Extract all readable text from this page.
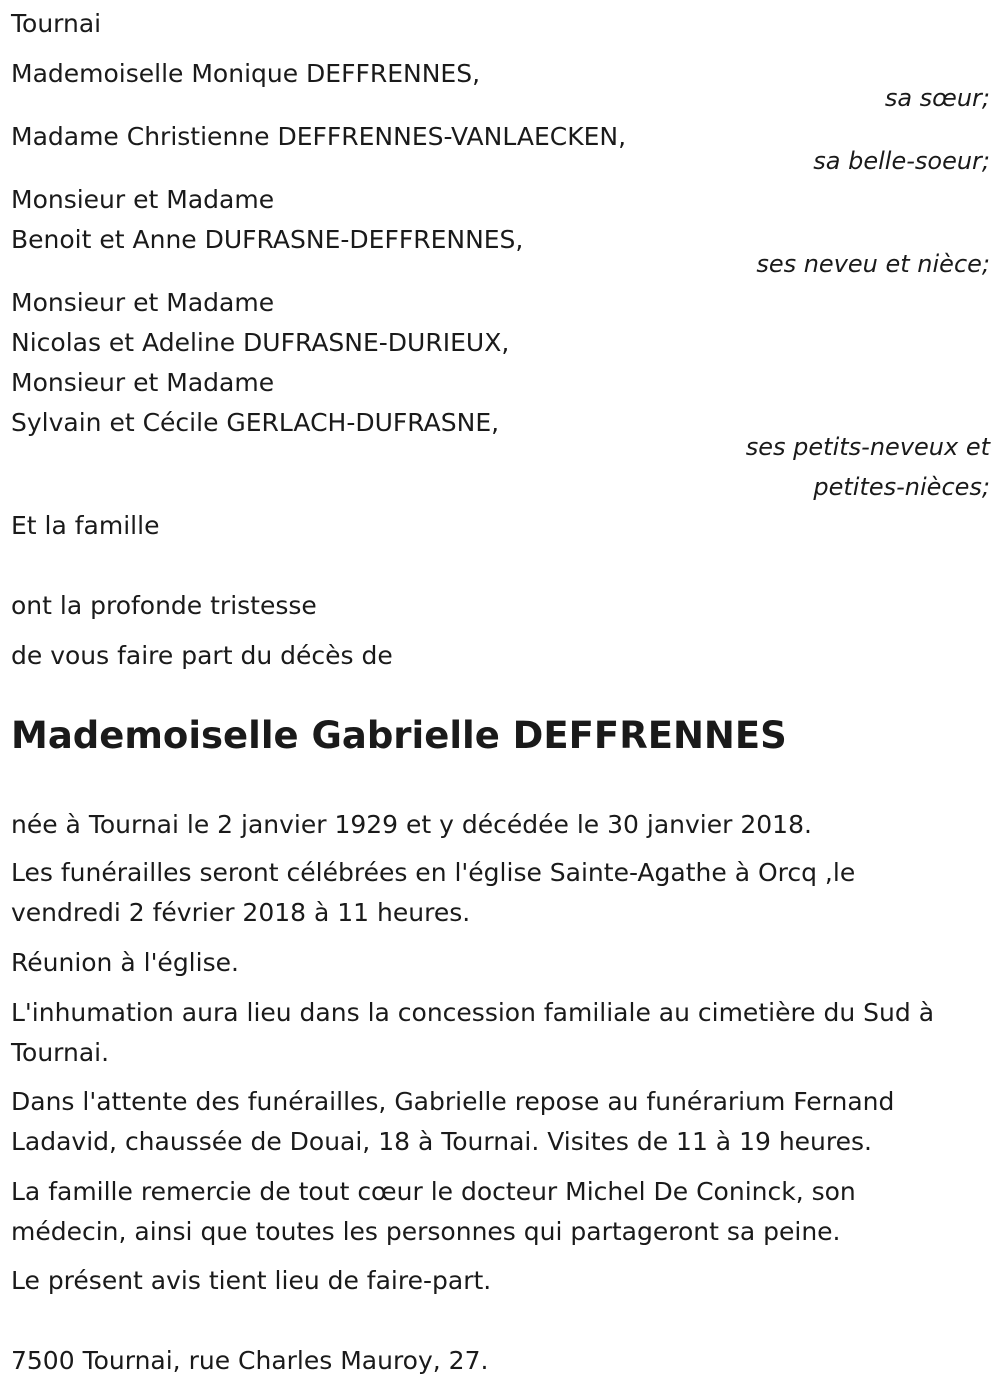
Tournai
Mademoiselle Monique DEFFRENNES,
sa sœur;
Madame Christienne DEFFRENNES-VANLAECKEN,
sa belle-soeur;
Monsieur et Madame
Benoit et Anne DUFRASNE-DEFFRENNES,
ses neveu et nièce;
Monsieur et Madame
Nicolas et Adeline DUFRASNE-DURIEUX,
Monsieur et Madame
Sylvain et Cécile GERLACH-DUFRASNE,
ses petits-neveux et
petites-nièces;
Et la famille
ont la profonde tristesse
de vous faire part du décès de
Mademoiselle Gabrielle DEFFRENNES
née à Tournai le 2 janvier 1929 et y décédée le 30 janvier 2018.
Les funérailles seront célébrées en l'église Sainte-Agathe à Orcq ,le
vendredi 2 février 2018 à 11 heures.
Réunion à l'église.
L'inhumation aura lieu dans la concession familiale au cimetière du Sud à
Tournai.
Dans l'attente des funérailles, Gabrielle repose au funérarium Fernand
Ladavid, chaussée de Douai, 18 à Tournai. Visites de 11 à 19 heures.
La famille remercie de tout cœur le docteur Michel De Coninck, son
médecin, ainsi que toutes les personnes qui partageront sa peine.
Le présent avis tient lieu de faire-part.
7500 Tournai, rue Charles Mauroy, 27.
